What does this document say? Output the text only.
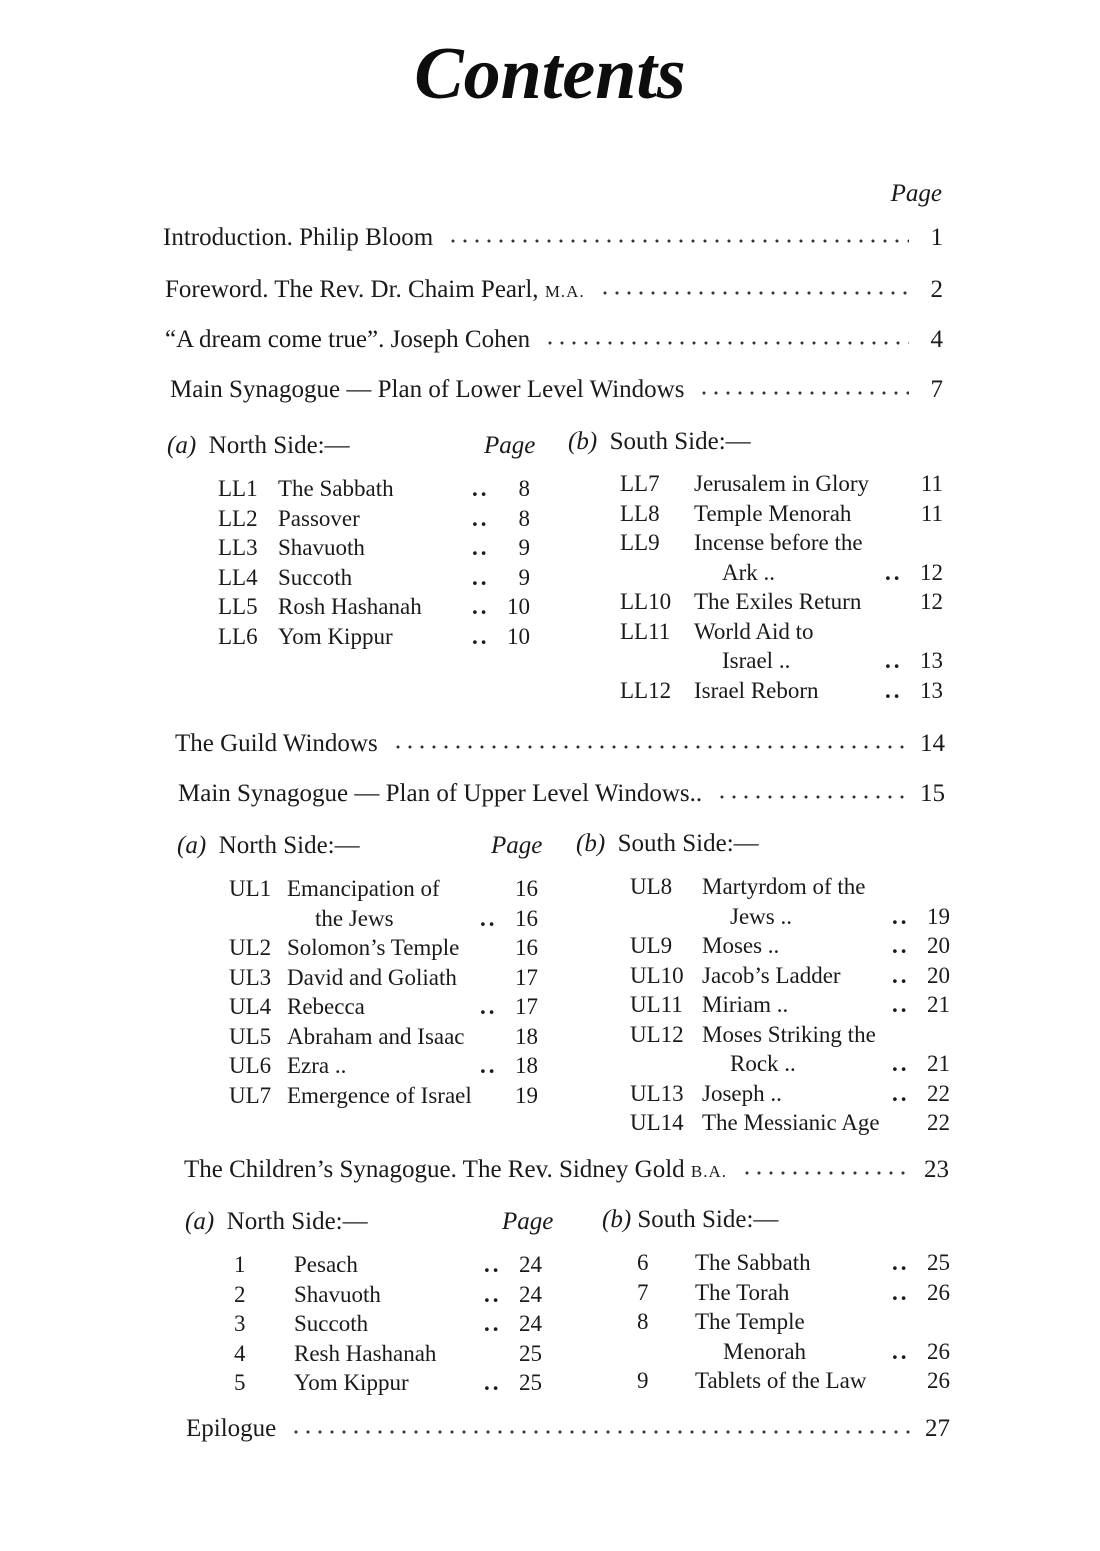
Contents
Page
Introduction. Philip Bloom	1
Foreword. The Rev. Dr. Chaim Pearl, M.A.	2
“A dream come true”. Joseph Cohen	4
Main Synagogue — Plan of Lower Level Windows	7
(a) North Side:—	Page (b) South Side:—
LL1 The Sabbath	..	8
LL2 Passover	..	8
LL3 Shavuoth	..	9
LL4 Succoth	..	9
LL5 Rosh Hashanah	.. 10
LL6 Yom Kippur	.. 10
LL7	Jerusalem in Glory	11
LL8	Temple Menorah	11
LL9	Incense before the
Ark ..	.. 12
LL10 The Exiles Return	12
LL11	World Aid to
Israel ..	.. 13
LL12 Israel Reborn	.. 13
The Guild Windows	14
Main Synagogue — Plan of Upper Level Windows..	15
(a) North Side:—	Page (b) South Side:—
UL1 Emancipation of	16
the Jews	.. 16
UL2 Solomon’s Temple	16
UL3 David and Goliath	17
UL4 Rebecca	.. 17
UL5 Abraham and Isaac	18
UL6 Ezra ..	.. 18
UL7 Emergence of Israel	19
UL8	Martyrdom of the
Jews ..	.. 19
UL9	Moses ..	.. 20
UL10 Jacob’s Ladder	.. 20
UL11 Miriam ..	.. 21
UL12 Moses Striking the
Rock ..	.. 21
UL13 Joseph ..	.. 22
UL14 The Messianic Age	22
The Children’s Synagogue. The Rev. Sidney Gold B.A.	23
(a) North Side:—	Page (b) South Side:—
1	Pesach	.. 24
2	Shavuoth	.. 24
3	Succoth	.. 24
4	Resh Hashanah	25
5	Yom Kippur	.. 25
6	The Sabbath	.. 25
7	The Torah	.. 26
8	The Temple
Menorah	.. 26
9	Tablets of the Law	26
Epilogue	27
